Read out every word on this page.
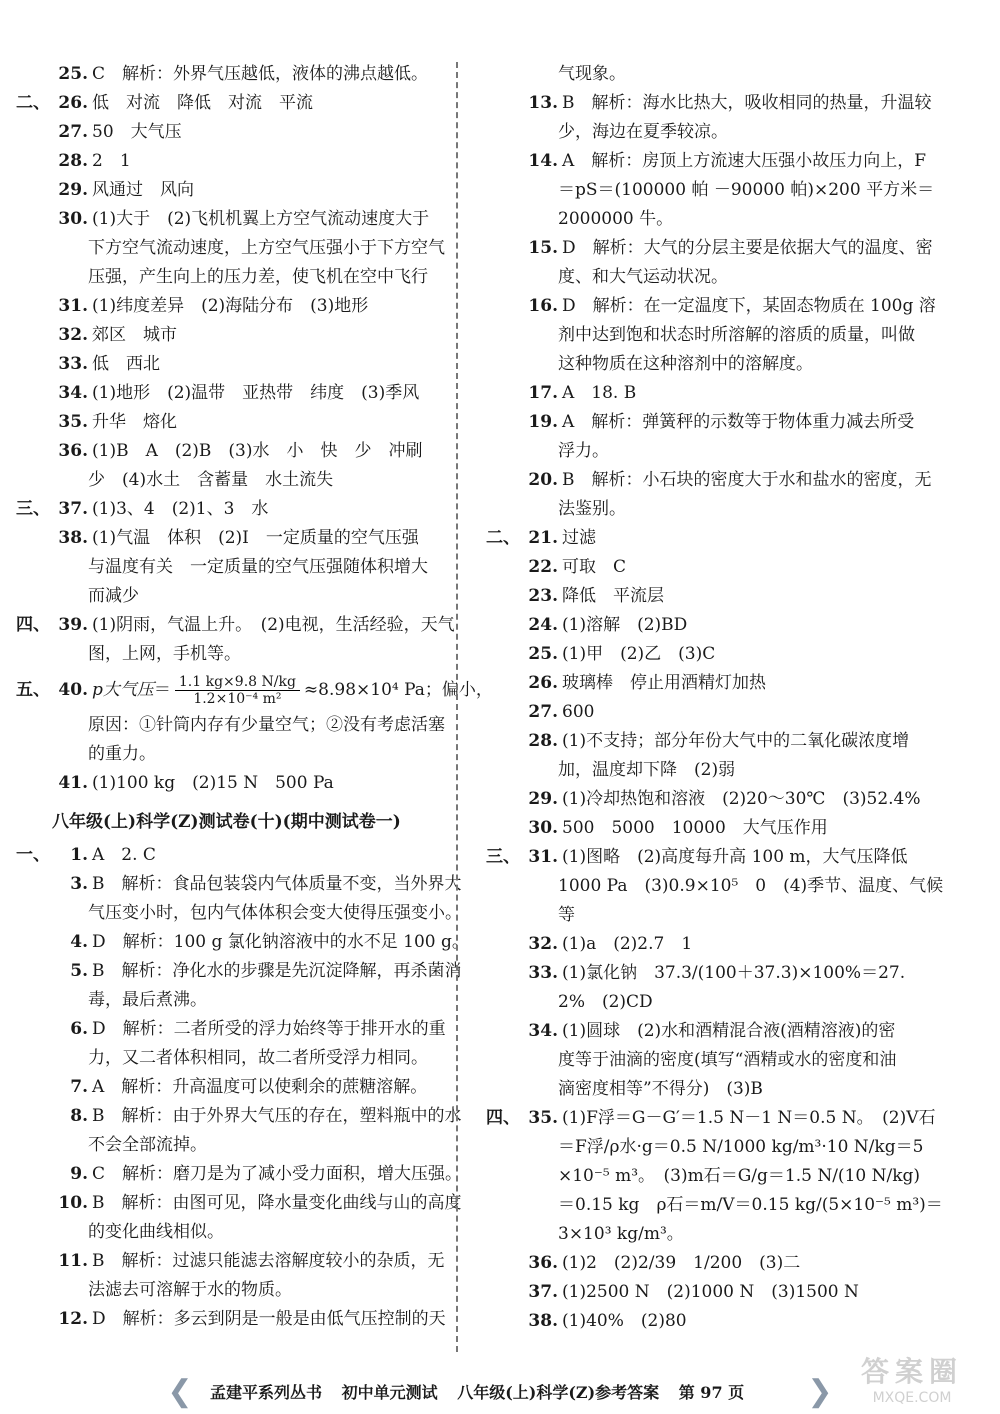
25. C　解析：外界气压越低，液体的沸点越低。
二、 26. 低　对流　降低　对流　平流
27. 50　大气压
28. 2　1
29. 风通过　风向
30. (1)大于　(2)飞机机翼上方空气流动速度大于
下方空气流动速度，上方空气压强小于下方空气
压强，产生向上的压力差，使飞机在空中飞行
31. (1)纬度差异　(2)海陆分布　(3)地形
32. 郊区　城市
33. 低　西北
34. (1)地形　(2)温带　亚热带　纬度　(3)季风
35. 升华　熔化
36. (1)B　A　(2)B　(3)水　小　快　少　冲刷
少　(4)水土　含蓄量　水土流失
三、 37. (1)3、4　(2)1、3　水
38. (1)气温　体积　(2)Ⅰ　一定质量的空气压强
与温度有关　一定质量的空气压强随体积增大
而减少
四、 39. (1)阴雨，气温上升。　(2)电视，生活经验，天气
图，上网，手机等。
五、 40. p大气压＝ $\frac{1.1 kg\times 9.8 N/kg}{\text{1.2×10⁻⁴ m²}} \approx 8.98\times 10^4$ Pa；偏小，
原因：①针筒内存有少量空气；②没有考虑活塞
的重力。
41. (1)100 kg　(2)15 N　500 Pa
八年级(上)科学(Z)测试卷(十)(期中测试卷一)
一、 1. A　2. C
3. B　解析：食品包装袋内气体质量不变，当外界大
气压变小时，包内气体体积会变大使得压强变小。
4. D　解析：100 g 氯化钠溶液中的水不足 100 g。
5. B　解析：净化水的步骤是先沉淀降解，再杀菌消
毒，最后煮沸。
6. D　解析：二者所受的浮力始终等于排开水的重
力，又二者体积相同，故二者所受浮力相同。
7. A　解析：升高温度可以使剩余的蔗糖溶解。
8. B　解析：由于外界大气压的存在，塑料瓶中的水
不会全部流掉。
9. C　解析：磨刀是为了减小受力面积，增大压强。
10. B　解析：由图可见，降水量变化曲线与山的高度
的变化曲线相似。
11. B　解析：过滤只能滤去溶解度较小的杂质，无
法滤去可溶解于水的物质。
12. D　解析：多云到阴是一般是由低气压控制的天
气现象。
13. B　解析：海水比热大，吸收相同的热量，升温较
少，海边在夏季较凉。
14. A　解析：房顶上方流速大压强小故压力向上，F
＝pS＝(100000 帕 －90000 帕)×200 平方米＝
2000000 牛。
15. D　解析：大气的分层主要是依据大气的温度、密
度、和大气运动状况。
16. D　解析：在一定温度下，某固态物质在 100g 溶
剂中达到饱和状态时所溶解的溶质的质量，叫做
这种物质在这种溶剂中的溶解度。
17. A　18. B
19. A　解析：弹簧秤的示数等于物体重力减去所受
浮力。
20. B　解析：小石块的密度大于水和盐水的密度，无
法鉴别。
二、 21. 过滤
22. 可取　C
23. 降低　平流层
24. (1)溶解　(2)BD
25. (1)甲　(2)乙　(3)C
26. 玻璃棒　停止用酒精灯加热
27. 600
28. (1)不支持；部分年份大气中的二氧化碳浓度增
加，温度却下降　(2)弱
29. (1)冷却热饱和溶液　(2)20～30℃　(3)52.4%
30. 500　5000　10000　大气压作用
三、 31. (1)图略　(2)高度每升高 100 m，大气压降低
1000 Pa　(3)0.9×10⁵　0　(4)季节、温度、气候
等
32. (1)a　(2)2.7　1
33. (1)氯化钠　37.3/(100＋37.3)×100%＝27.
2%　(2)CD
34. (1)圆球　(2)水和酒精混合液(酒精溶液)的密
度等于油滴的密度(填写“酒精或水的密度和油
滴密度相等”不得分)　(3)B
四、 35. (1)F浮＝G－G′＝1.5 N－1 N＝0.5 N。　(2)V石
＝F浮/ρ水·g＝0.5 N/1000 kg/m³·10 N/kg＝5
×10⁻⁵ m³。　(3)m石＝G/g＝1.5 N/(10 N/kg)
＝0.15 kg　ρ石＝m/V＝0.15 kg/(5×10⁻⁵ m³)＝
3×10³ kg/m³。
36. (1)2　(2)2/39　1/200　(3)二
37. (1)2500 N　(2)1000 N　(3)1500 N
38. (1)40%　(2)80
❮	孟建平系列丛书 初中单元测试 八年级(上)科学(Z)参考答案 第 97 页	❯
答案圈
MXQE.COM
